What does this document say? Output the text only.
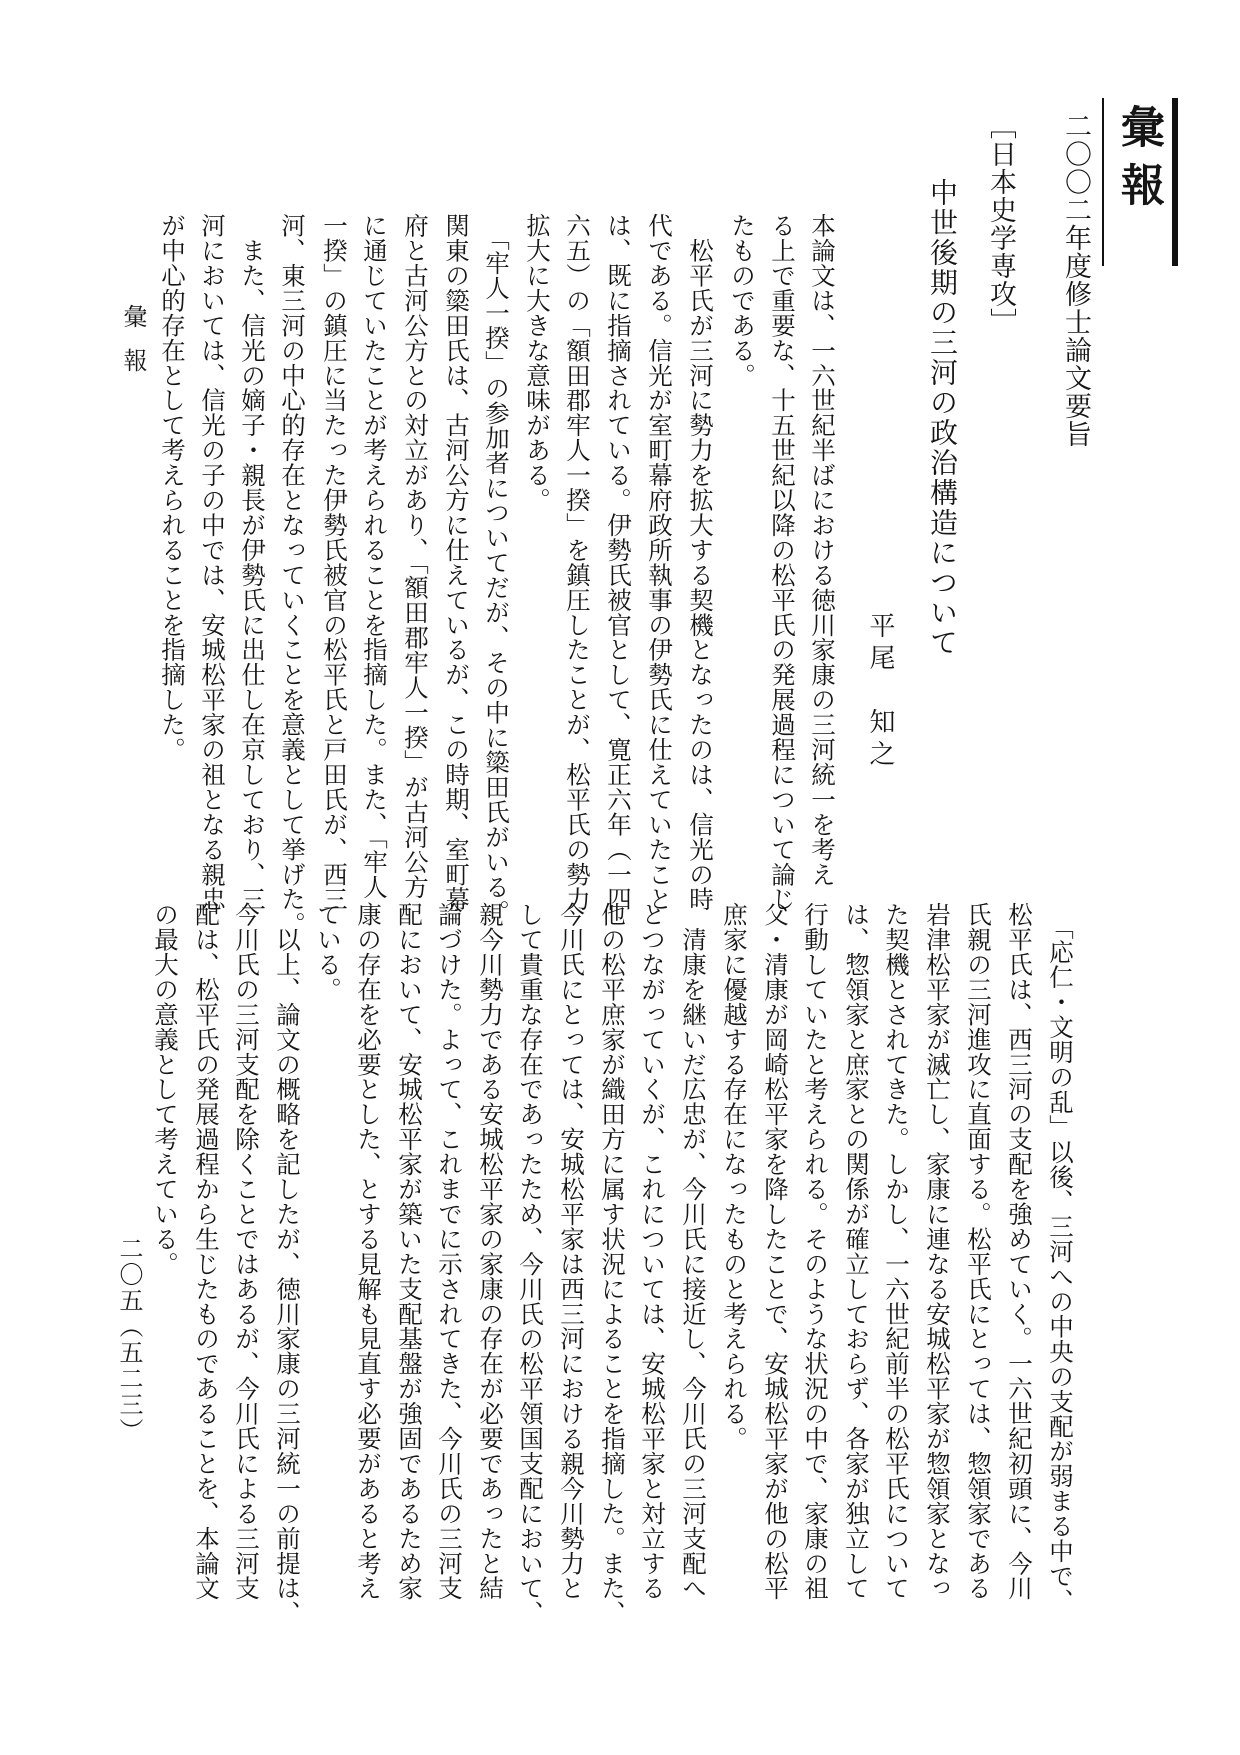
彙報
二〇〇二年度修士論文要旨
［日本史学専攻］
中世後期の三河の政治構造について
平尾　知之
本論文は、一六世紀半ばにおける徳川家康の三河統一を考え
る上で重要な、十五世紀以降の松平氏の発展過程について論じ
たものである。
　松平氏が三河に勢力を拡大する契機となったのは、信光の時
代である。信光が室町幕府政所執事の伊勢氏に仕えていたこと
は、既に指摘されている。伊勢氏被官として、寛正六年（一四
六五）の「額田郡牢人一揆」を鎮圧したことが、松平氏の勢力
拡大に大きな意味がある。
　「牢人一揆」の参加者についてだが、その中に簗田氏がいる。
関東の簗田氏は、古河公方に仕えているが、この時期、室町幕
府と古河公方との対立があり、「額田郡牢人一揆」が古河公方
に通じていたことが考えられることを指摘した。また、「牢人
一揆」の鎮圧に当たった伊勢氏被官の松平氏と戸田氏が、西三
河、東三河の中心的存在となっていくことを意義として挙げた。
　また、信光の嫡子・親長が伊勢氏に出仕し在京しており、三
河においては、信光の子の中では、安城松平家の祖となる親忠
が中心的存在として考えられることを指摘した。
　「応仁・文明の乱」以後、三河への中央の支配が弱まる中で、
松平氏は、西三河の支配を強めていく。一六世紀初頭に、今川
氏親の三河進攻に直面する。松平氏にとっては、惣領家である
岩津松平家が滅亡し、家康に連なる安城松平家が惣領家となっ
た契機とされてきた。しかし、一六世紀前半の松平氏について
は、惣領家と庶家との関係が確立しておらず、各家が独立して
行動していたと考えられる。そのような状況の中で、家康の祖
父・清康が岡崎松平家を降したことで、安城松平家が他の松平
庶家に優越する存在になったものと考えられる。
　清康を継いだ広忠が、今川氏に接近し、今川氏の三河支配へ
とつながっていくが、これについては、安城松平家と対立する
他の松平庶家が織田方に属す状況によることを指摘した。また、
今川氏にとっては、安城松平家は西三河における親今川勢力と
して貴重な存在であったため、今川氏の松平領国支配において、
親今川勢力である安城松平家の家康の存在が必要であったと結
論づけた。よって、これまでに示されてきた、今川氏の三河支
配において、安城松平家が築いた支配基盤が強固であるため家
康の存在を必要とした、とする見解も見直す必要があると考え
ている。
　以上、論文の概略を記したが、徳川家康の三河統一の前提は、
今川氏の三河支配を除くことではあるが、今川氏による三河支
配は、松平氏の発展過程から生じたものであることを、本論文
の最大の意義として考えている。
彙報
二〇五（五二三）
